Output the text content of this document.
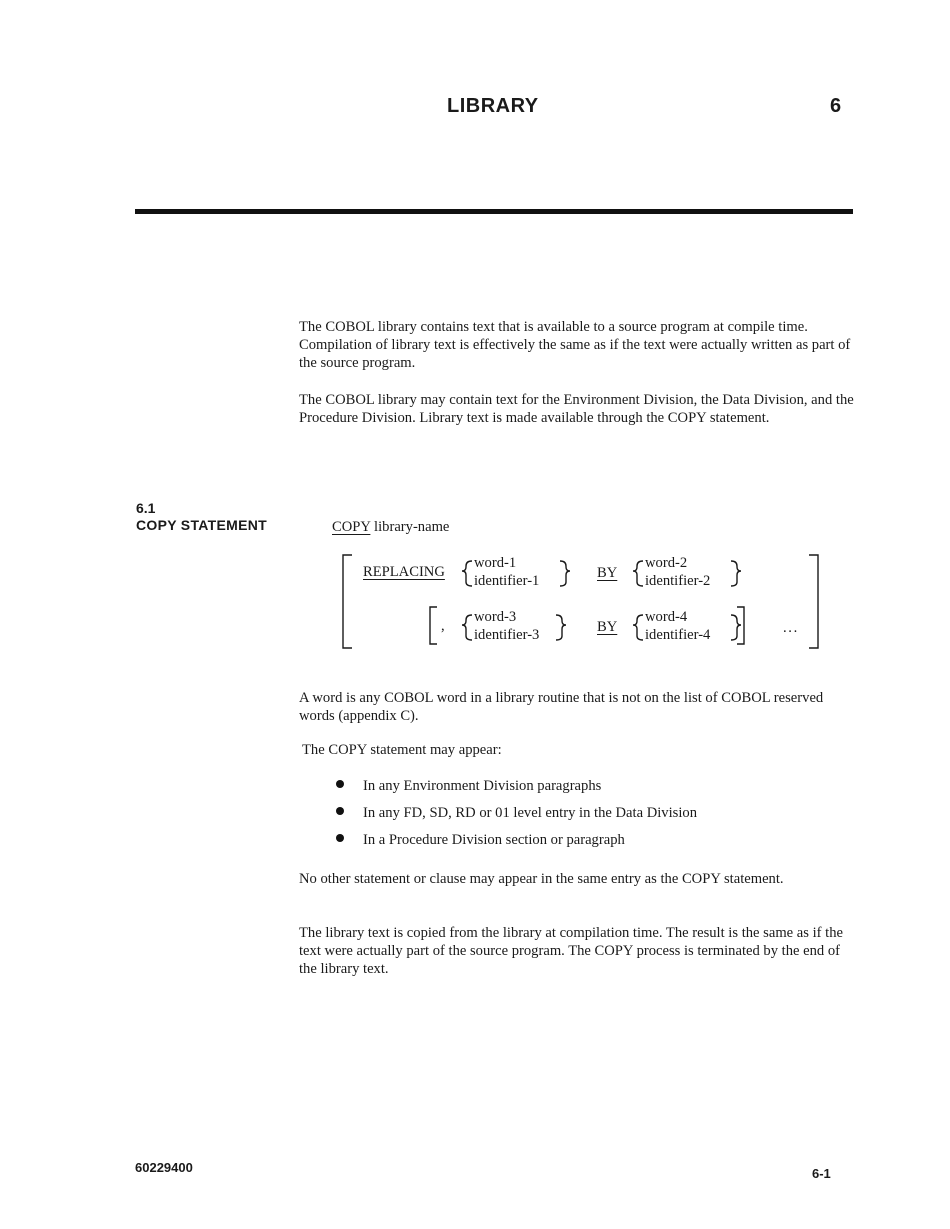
LIBRARY	6
The COBOL library contains text that is available to a source program at compile time. Compilation of library text is effectively the same as if the text were actually written as part of the source program.
The COBOL library may contain text for the Environment Division, the Data Division, and the Procedure Division. Library text is made available through the COPY statement.
6.1
COPY STATEMENT	COPY library-name
REPLACING
word-1
identifier-1	BY
word-2
identifier-2
,
word-3
identifier-3	BY
word-4
identifier-4	. . .
A word is any COBOL word in a library routine that is not on the list of COBOL reserved words (appendix C).
The COPY statement may appear:
In any Environment Division paragraphs
In any FD, SD, RD or 01 level entry in the Data Division
In a Procedure Division section or paragraph
No other statement or clause may appear in the same entry as the COPY statement.
The library text is copied from the library at compilation time. The result is the same as if the text were actually part of the source program. The COPY process is terminated by the end of the library text.
60229400	6-1
